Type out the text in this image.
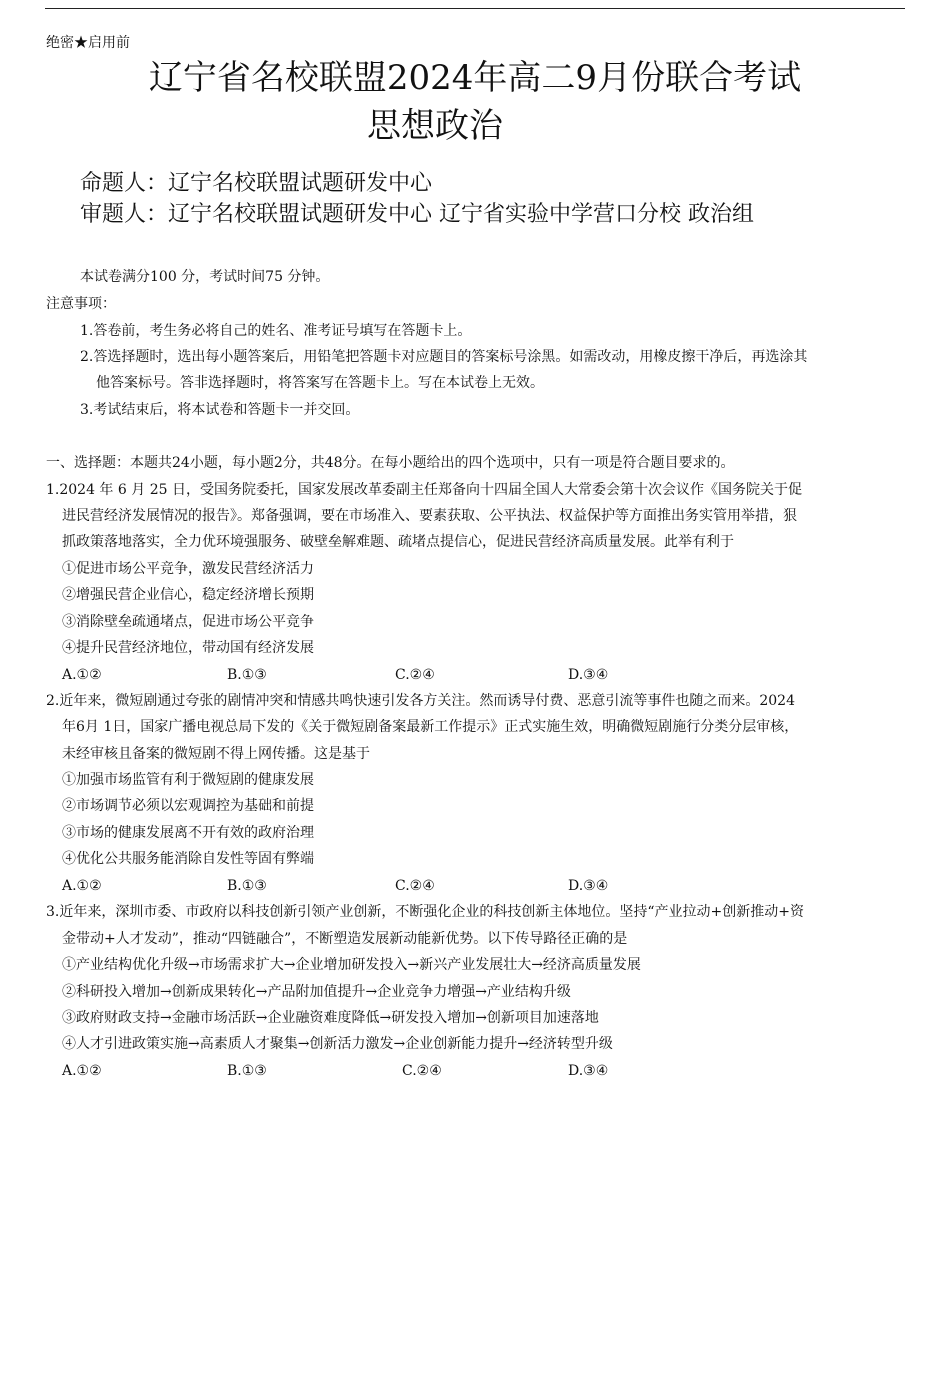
绝密★启用前
辽宁省名校联盟2024年高二9月份联合考试
思想政治
命题人：辽宁名校联盟试题研发中心
审题人：辽宁名校联盟试题研发中心 辽宁省实验中学营口分校 政治组
本试卷满分100 分，考试时间75 分钟。
注意事项：
1.答卷前，考生务必将自己的姓名、准考证号填写在答题卡上。
2.答选择题时，选出每小题答案后，用铅笔把答题卡对应题目的答案标号涂黑。如需改动，用橡皮擦干净后，再选涂其
他答案标号。答非选择题时，将答案写在答题卡上。写在本试卷上无效。
3.考试结束后，将本试卷和答题卡一并交回。
一、选择题：本题共24小题，每小题2分，共48分。在每小题给出的四个选项中，只有一项是符合题目要求的。
1.2024 年 6 月 25 日，受国务院委托，国家发展改革委副主任郑备向十四届全国人大常委会第十次会议作《国务院关于促
进民营经济发展情况的报告》。郑备强调，要在市场准入、要素获取、公平执法、权益保护等方面推出务实管用举措，狠
抓政策落地落实，全力优环境强服务、破壁垒解难题、疏堵点提信心，促进民营经济高质量发展。此举有利于
①促进市场公平竞争，激发民营经济活力
②增强民营企业信心，稳定经济增长预期
③消除壁垒疏通堵点，促进市场公平竞争
④提升民营经济地位，带动国有经济发展
A.①②	B.①③	C.②④	D.③④
2.近年来，微短剧通过夸张的剧情冲突和情感共鸣快速引发各方关注。然而诱导付费、恶意引流等事件也随之而来。2024
年6月 1日，国家广播电视总局下发的《关于微短剧备案最新工作提示》正式实施生效，明确微短剧施行分类分层审核，
未经审核且备案的微短剧不得上网传播。这是基于
①加强市场监管有利于微短剧的健康发展
②市场调节必须以宏观调控为基础和前提
③市场的健康发展离不开有效的政府治理
④优化公共服务能消除自发性等固有弊端
A.①②	B.①③	C.②④	D.③④
3.近年来，深圳市委、市政府以科技创新引领产业创新，不断强化企业的科技创新主体地位。坚持“产业拉动+创新推动+资
金带动+人才发动”，推动“四链融合”，不断塑造发展新动能新优势。以下传导路径正确的是
①产业结构优化升级→市场需求扩大→企业增加研发投入→新兴产业发展壮大→经济高质量发展
②科研投入增加→创新成果转化→产品附加值提升→企业竞争力增强→产业结构升级
③政府财政支持→金融市场活跃→企业融资难度降低→研发投入增加→创新项目加速落地
④人才引进政策实施→高素质人才聚集→创新活力激发→企业创新能力提升→经济转型升级
A.①②	B.①③	C.②④	D.③④
